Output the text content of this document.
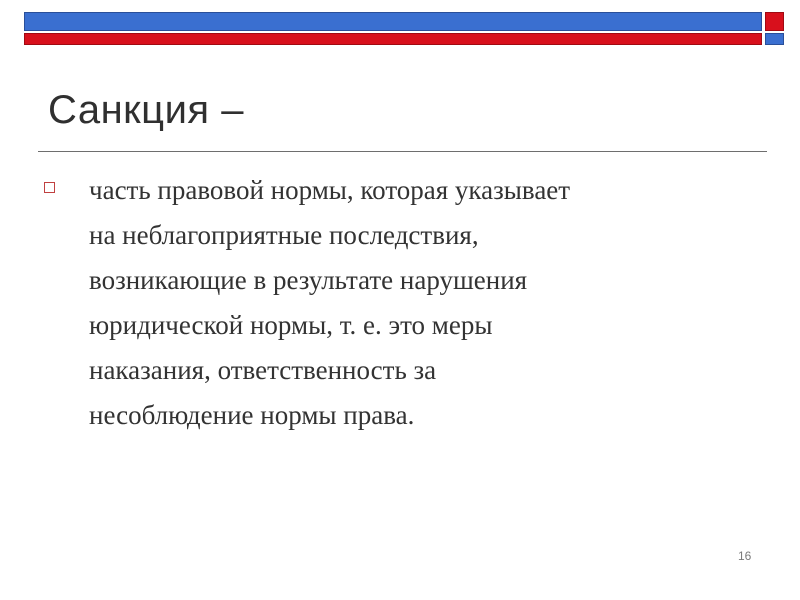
Санкция –
часть правовой нормы, которая указывает
на неблагоприятные последствия,
возникающие в результате нарушения
юридической нормы, т. е. это меры
наказания, ответственность за
несоблюдение нормы права.
16
